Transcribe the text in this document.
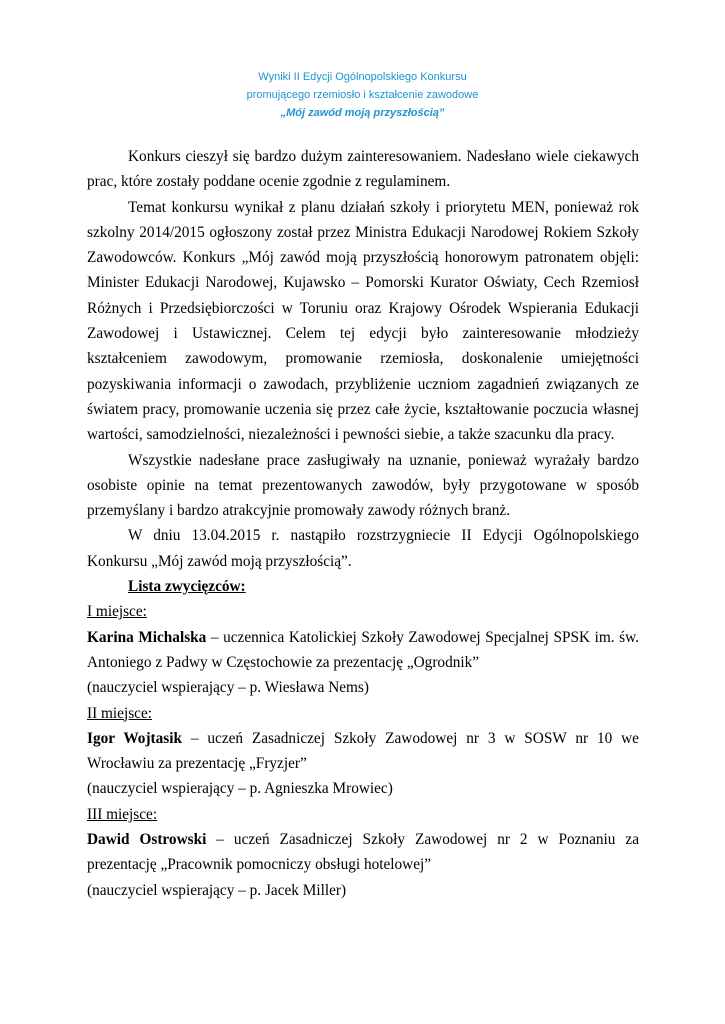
Wyniki II Edycji Ogólnopolskiego Konkursu
promującego rzemiosło i kształcenie zawodowe
„Mój zawód moją przyszłością”

Konkurs cieszył się bardzo dużym zainteresowaniem. Nadesłano wiele ciekawych prac, które zostały poddane ocenie zgodnie z regulaminem.

Temat konkursu wynikał z planu działań szkoły i priorytetu MEN, ponieważ rok szkolny 2014/2015 ogłoszony został przez Ministra Edukacji Narodowej Rokiem Szkoły Zawodowców. Konkurs „Mój zawód moją przyszłością honorowym patronatem objęli: Minister Edukacji Narodowej, Kujawsko – Pomorski Kurator Oświaty, Cech Rzemiosł Różnych i Przedsiębiorczości w Toruniu oraz Krajowy Ośrodek Wspierania Edukacji Zawodowej i Ustawicznej. Celem tej edycji było zainteresowanie młodzieży kształceniem zawodowym, promowanie rzemiosła, doskonalenie umiejętności pozyskiwania informacji o zawodach, przybliżenie uczniom zagadnień związanych ze światem pracy, promowanie uczenia się przez całe życie, kształtowanie poczucia własnej wartości, samodzielności, niezależności i pewności siebie, a także szacunku dla pracy.

Wszystkie nadesłane prace zasługiwały na uznanie, ponieważ wyrażały bardzo osobiste opinie na temat prezentowanych zawodów, były przygotowane w sposób przemyślany i bardzo atrakcyjnie promowały zawody różnych branż.

W dniu 13.04.2015 r. nastąpiło rozstrzygniecie II Edycji Ogólnopolskiego Konkursu „Mój zawód moją przyszłością”.

Lista zwycięzców:

I miejsce:

Karina Michalska – uczennica Katolickiej Szkoły Zawodowej Specjalnej SPSK im. św. Antoniego z Padwy w Częstochowie za prezentację „Ogrodnik”

(nauczyciel wspierający – p. Wiesława Nems)

II miejsce:

Igor Wojtasik – uczeń Zasadniczej Szkoły Zawodowej nr 3 w SOSW nr 10 we Wrocławiu za prezentację „Fryzjer”

(nauczyciel wspierający – p. Agnieszka Mrowiec)

III miejsce:

Dawid Ostrowski – uczeń Zasadniczej Szkoły Zawodowej nr 2 w Poznaniu za prezentację „Pracownik pomocniczy obsługi hotelowej”

(nauczyciel wspierający – p. Jacek Miller)
